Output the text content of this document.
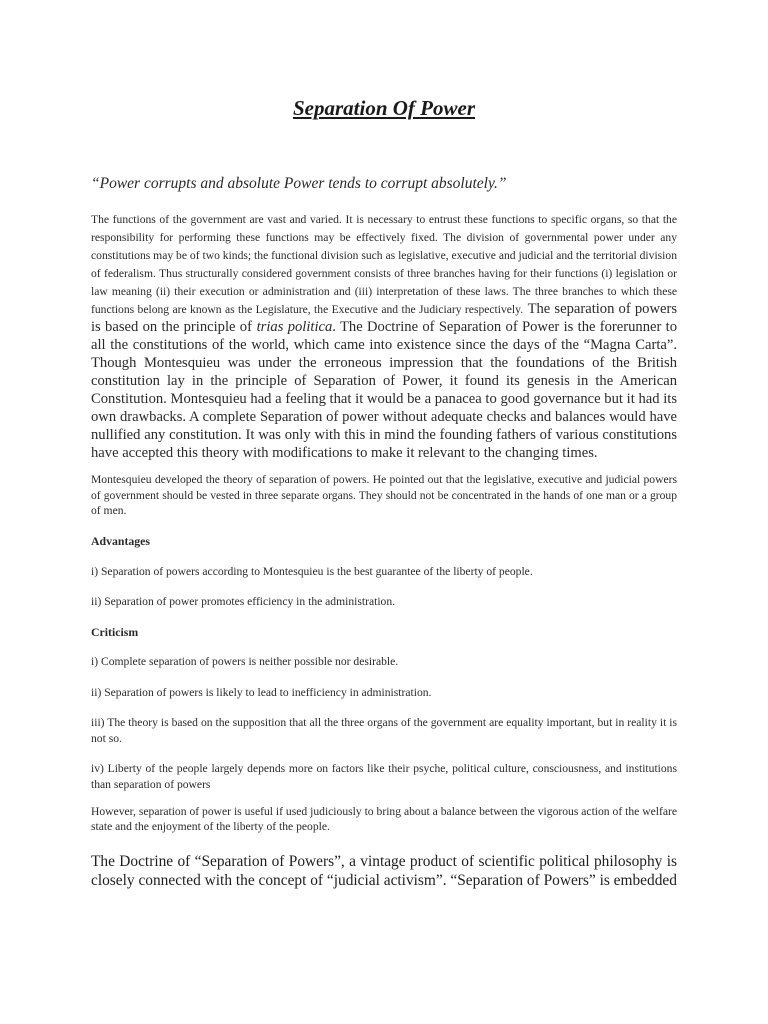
Separation Of Power

“Power corrupts and absolute Power tends to corrupt absolutely.”

The functions of the government are vast and varied. It is necessary to entrust these functions to specific organs, so that the responsibility for performing these functions may be effectively fixed. The division of governmental power under any constitutions may be of two kinds; the functional division such as legislative, executive and judicial and the territorial division of federalism. Thus structurally considered government consists of three branches having for their functions (i) legislation or law meaning (ii) their execution or administration and (iii) interpretation of these laws. The three branches to which these functions belong are known as the Legislature, the Executive and the Judiciary respectively. The separation of powers is based on the principle of trias politica. The Doctrine of Separation of Power is the forerunner to all the constitutions of the world, which came into existence since the days of the “Magna Carta”. Though Montesquieu was under the erroneous impression that the foundations of the British constitution lay in the principle of Separation of Power, it found its genesis in the American Constitution. Montesquieu had a feeling that it would be a panacea to good governance but it had its own drawbacks. A complete Separation of power without adequate checks and balances would have nullified any constitution. It was only with this in mind the founding fathers of various constitutions have accepted this theory with modifications to make it relevant to the changing times.

Montesquieu developed the theory of separation of powers. He pointed out that the legislative, executive and judicial powers of government should be vested in three separate organs. They should not be concentrated in the hands of one man or a group of men.

Advantages

i) Separation of powers according to Montesquieu is the best guarantee of the liberty of people.

ii) Separation of power promotes efficiency in the administration.

Criticism

i) Complete separation of powers is neither possible nor desirable.

ii) Separation of powers is likely to lead to inefficiency in administration.

iii) The theory is based on the supposition that all the three organs of the government are equality important, but in reality it is not so.

iv) Liberty of the people largely depends more on factors like their psyche, political culture, consciousness, and institutions than separation of powers

However, separation of power is useful if used judiciously to bring about a balance between the vigorous action of the welfare state and the enjoyment of the liberty of the people.

The Doctrine of “Separation of Powers”, a vintage product of scientific political philosophy is closely connected with the concept of “judicial activism”. “Separation of Powers” is embedded
